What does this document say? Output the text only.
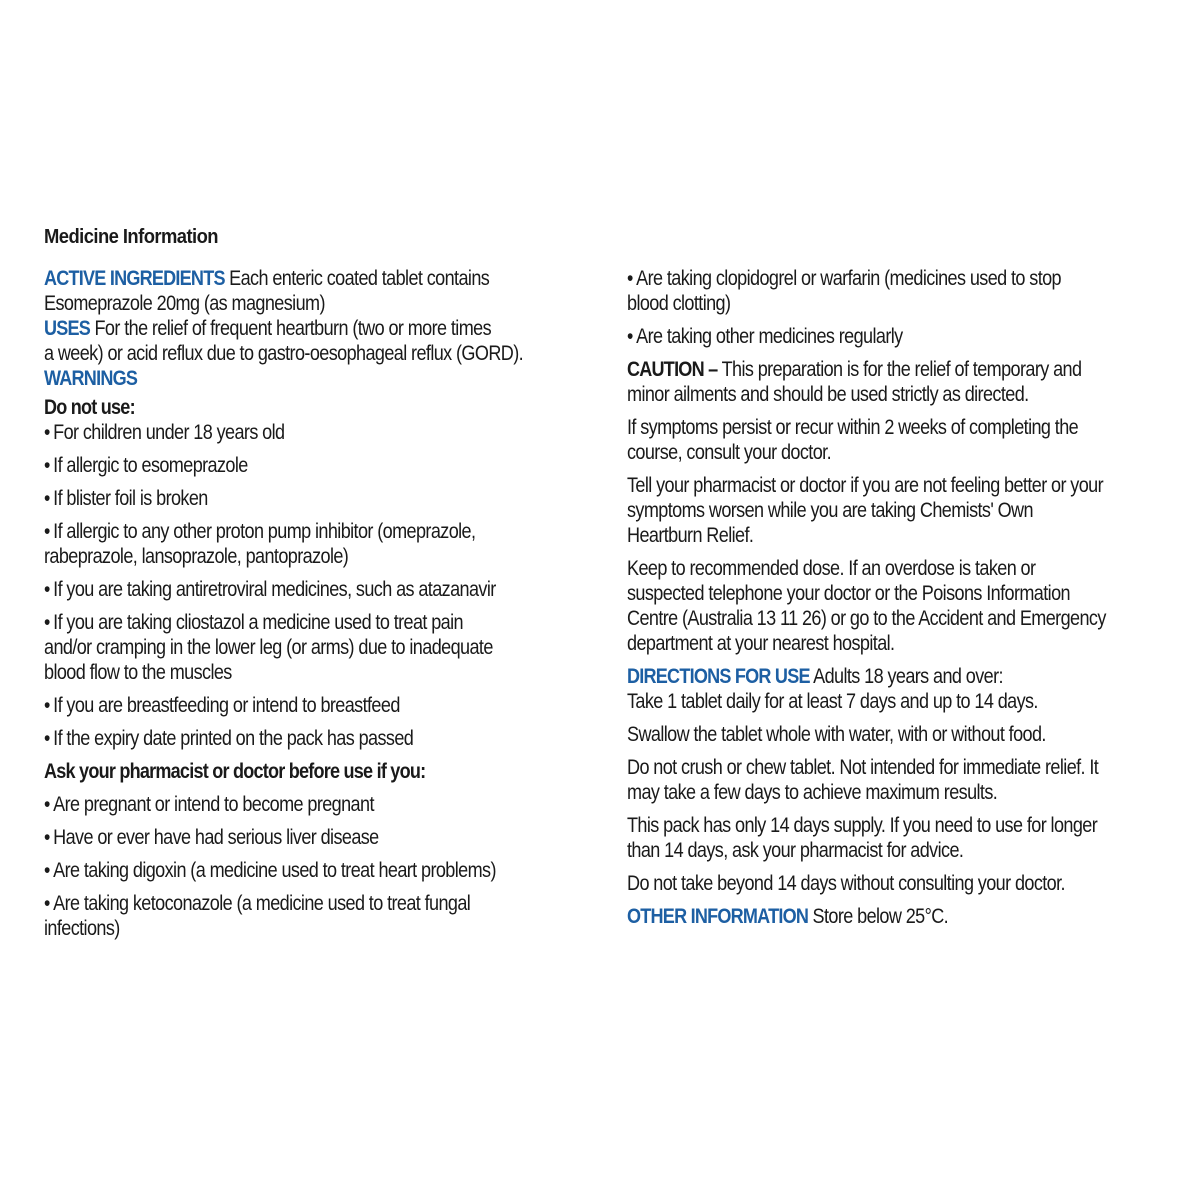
Medicine Information
ACTIVE INGREDIENTS Each enteric coated tablet contains
Esomeprazole 20mg (as magnesium)
USES For the relief of frequent heartburn (two or more times
a week) or acid reflux due to gastro-oesophageal reflux (GORD).
WARNINGS
Do not use:
• For children under 18 years old
• If allergic to esomeprazole
• If blister foil is broken
• If allergic to any other proton pump inhibitor (omeprazole,
rabeprazole, lansoprazole, pantoprazole)
• If you are taking antiretroviral medicines, such as atazanavir
• If you are taking cliostazol a medicine used to treat pain
and/or cramping in the lower leg (or arms) due to inadequate
blood flow to the muscles
• If you are breastfeeding or intend to breastfeed
• If the expiry date printed on the pack has passed
Ask your pharmacist or doctor before use if you:
• Are pregnant or intend to become pregnant
• Have or ever have had serious liver disease
• Are taking digoxin (a medicine used to treat heart problems)
• Are taking ketoconazole (a medicine used to treat fungal
infections)
• Are taking clopidogrel or warfarin (medicines used to stop
blood clotting)
• Are taking other medicines regularly
CAUTION – This preparation is for the relief of temporary and
minor ailments and should be used strictly as directed.
If symptoms persist or recur within 2 weeks of completing the
course, consult your doctor.
Tell your pharmacist or doctor if you are not feeling better or your
symptoms worsen while you are taking Chemists' Own
Heartburn Relief.
Keep to recommended dose. If an overdose is taken or
suspected telephone your doctor or the Poisons Information
Centre (Australia 13 11 26) or go to the Accident and Emergency
department at your nearest hospital.
DIRECTIONS FOR USE Adults 18 years and over:
Take 1 tablet daily for at least 7 days and up to 14 days.
Swallow the tablet whole with water, with or without food.
Do not crush or chew tablet. Not intended for immediate relief. It
may take a few days to achieve maximum results.
This pack has only 14 days supply. If you need to use for longer
than 14 days, ask your pharmacist for advice.
Do not take beyond 14 days without consulting your doctor.
OTHER INFORMATION Store below 25°C.
